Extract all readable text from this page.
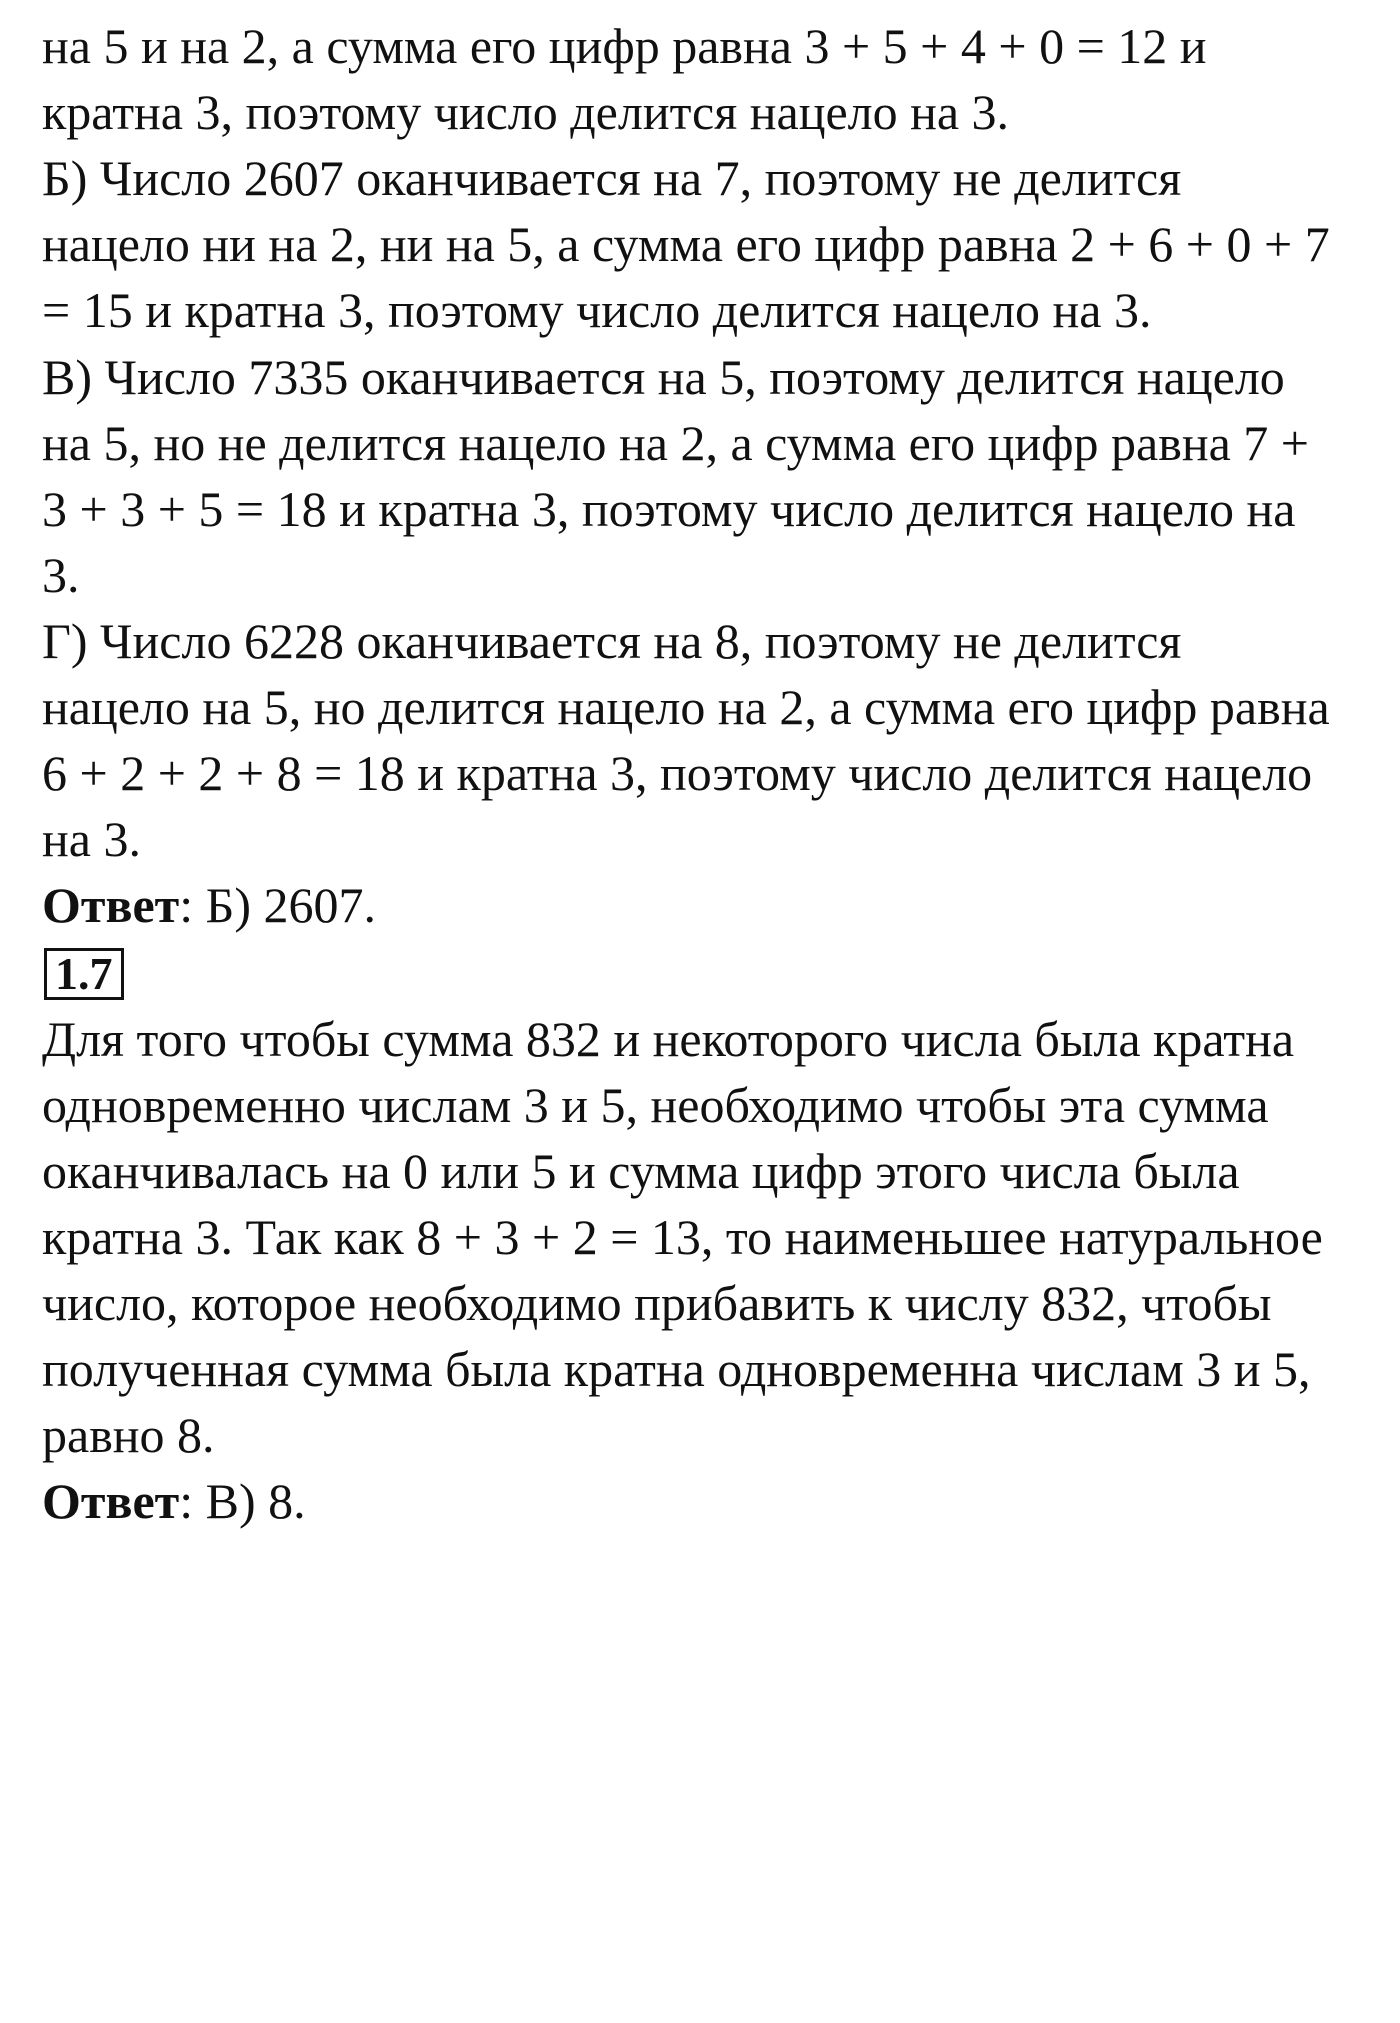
на 5 и на 2, а сумма его цифр равна 3 + 5 + 4 + 0 = 12 и
кратна 3, поэтому число делится нацело на 3.
Б) Число 2607 оканчивается на 7, поэтому не делится
нацело ни на 2, ни на 5, а сумма его цифр равна 2 + 6 + 0 + 7
= 15 и кратна 3, поэтому число делится нацело на 3.
В) Число 7335 оканчивается на 5, поэтому делится нацело
на 5, но не делится нацело на 2, а сумма его цифр равна 7 +
3 + 3 + 5 = 18 и кратна 3, поэтому число делится нацело на
3.
Г) Число 6228 оканчивается на 8, поэтому не делится
нацело на 5, но делится нацело на 2, а сумма его цифр равна
6 + 2 + 2 + 8 = 18 и кратна 3, поэтому число делится нацело
на 3.
Ответ: Б) 2607.
1.7
Для того чтобы сумма 832 и некоторого числа была кратна
одновременно числам 3 и 5, необходимо чтобы эта сумма
оканчивалась на 0 или 5 и сумма цифр этого числа была
кратна 3. Так как 8 + 3 + 2 = 13, то наименьшее натуральное
число, которое необходимо прибавить к числу 832, чтобы
полученная сумма была кратна одновременна числам 3 и 5,
равно 8.
Ответ: В) 8.
